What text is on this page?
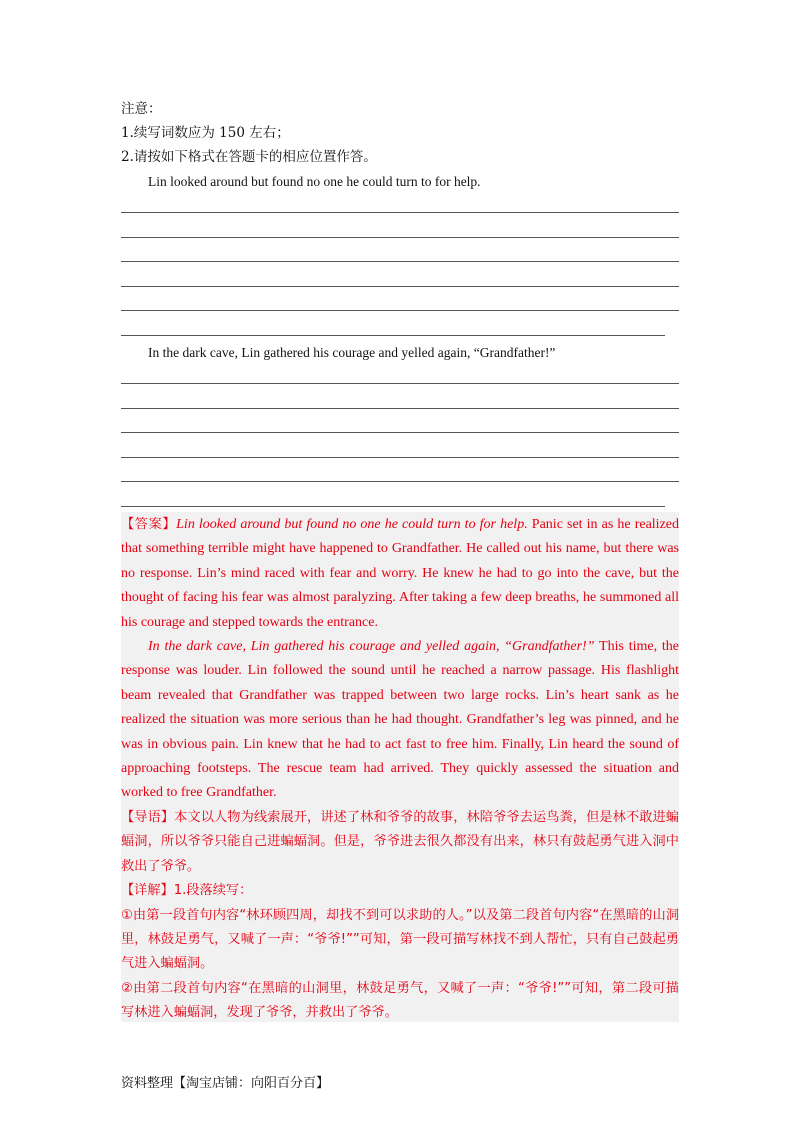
注意：
1.续写词数应为 150 左右；
2.请按如下格式在答题卡的相应位置作答。
Lin looked around but found no one he could turn to for help.
In the dark cave, Lin gathered his courage and yelled again, “Grandfather!”

【答案】Lin looked around but found no one he could turn to for help. Panic set in as he realized that something terrible might have happened to Grandfather. He called out his name, but there was no response. Lin’s mind raced with fear and worry. He knew he had to go into the cave, but the thought of facing his fear was almost paralyzing. After taking a few deep breaths, he summoned all his courage and stepped towards the entrance.

In the dark cave, Lin gathered his courage and yelled again, “Grandfather!” This time, the response was louder. Lin followed the sound until he reached a narrow passage. His flashlight beam revealed that Grandfather was trapped between two large rocks. Lin’s heart sank as he realized the situation was more serious than he had thought. Grandfather’s leg was pinned, and he was in obvious pain. Lin knew that he had to act fast to free him. Finally, Lin heard the sound of approaching footsteps. The rescue team had arrived. They quickly assessed the situation and worked to free Grandfather.

【导语】本文以人物为线索展开，讲述了林和爷爷的故事，林陪爷爷去运鸟粪，但是林不敢进蝙蝠洞，所以爷爷只能自己进蝙蝠洞。但是，爷爷进去很久都没有出来，林只有鼓起勇气进入洞中救出了爷爷。

【详解】1.段落续写：

①由第一段首句内容“林环顾四周，却找不到可以求助的人。”以及第二段首句内容“在黑暗的山洞里，林鼓足勇气，又喊了一声：“爷爷!””可知，第一段可描写林找不到人帮忙，只有自己鼓起勇气进入蝙蝠洞。

②由第二段首句内容“在黑暗的山洞里，林鼓足勇气，又喊了一声：“爷爷!””可知，第二段可描写林进入蝙蝠洞，发现了爷爷，并救出了爷爷。

资料整理【淘宝店铺：向阳百分百】
